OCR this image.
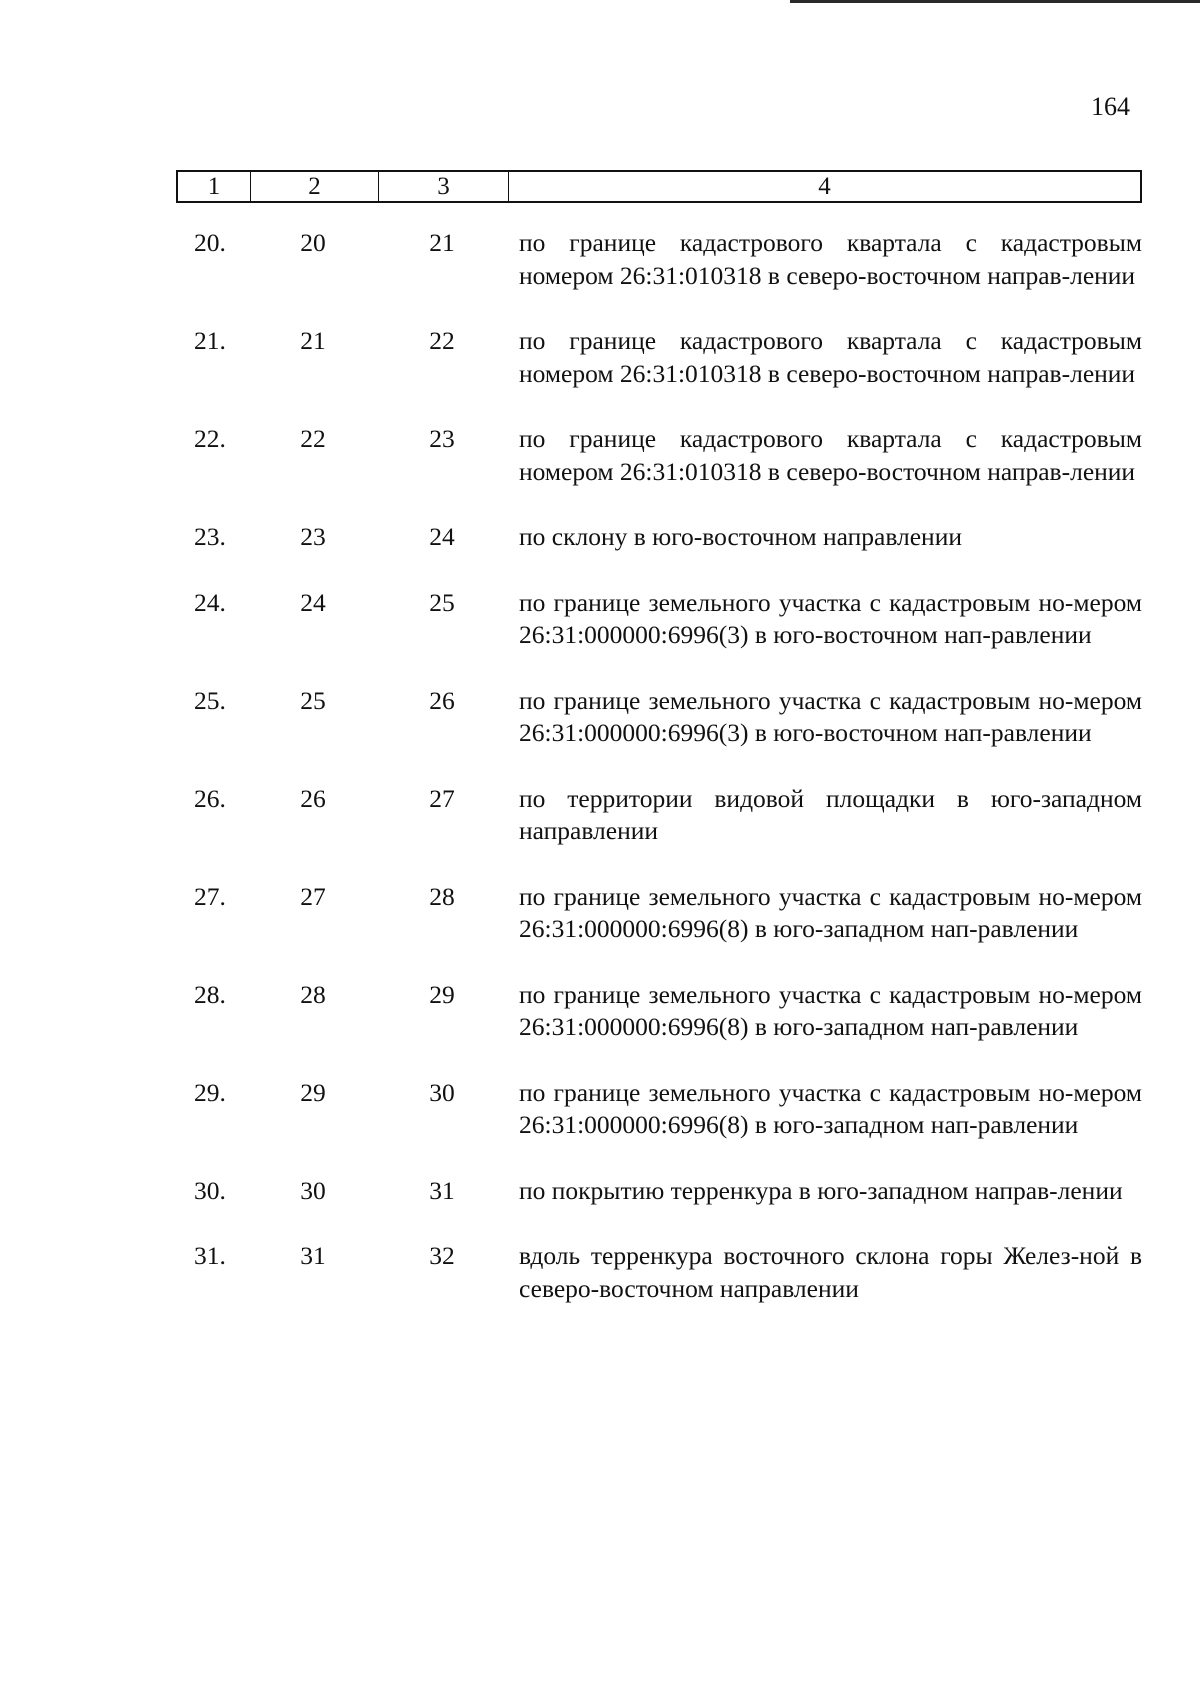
164
1	2	3	4
20.	20	21	по границе кадастрового квартала с кадастровым номером 26:31:010318 в северо-восточном направ-лении
21.	21	22	по границе кадастрового квартала с кадастровым номером 26:31:010318 в северо-восточном направ-лении
22.	22	23	по границе кадастрового квартала с кадастровым номером 26:31:010318 в северо-восточном направ-лении
23.	23	24	по склону в юго-восточном направлении
24.	24	25	по границе земельного участка с кадастровым но-мером 26:31:000000:6996(3) в юго-восточном нап-равлении
25.	25	26	по границе земельного участка с кадастровым но-мером 26:31:000000:6996(3) в юго-восточном нап-равлении
26.	26	27	по территории видовой площадки в юго-западном направлении
27.	27	28	по границе земельного участка с кадастровым но-мером 26:31:000000:6996(8) в юго-западном нап-равлении
28.	28	29	по границе земельного участка с кадастровым но-мером 26:31:000000:6996(8) в юго-западном нап-равлении
29.	29	30	по границе земельного участка с кадастровым но-мером 26:31:000000:6996(8) в юго-западном нап-равлении
30.	30	31	по покрытию терренкура в юго-западном направ-лении
31.	31	32	вдоль терренкура восточного склона горы Желез-ной в северо-восточном направлении
